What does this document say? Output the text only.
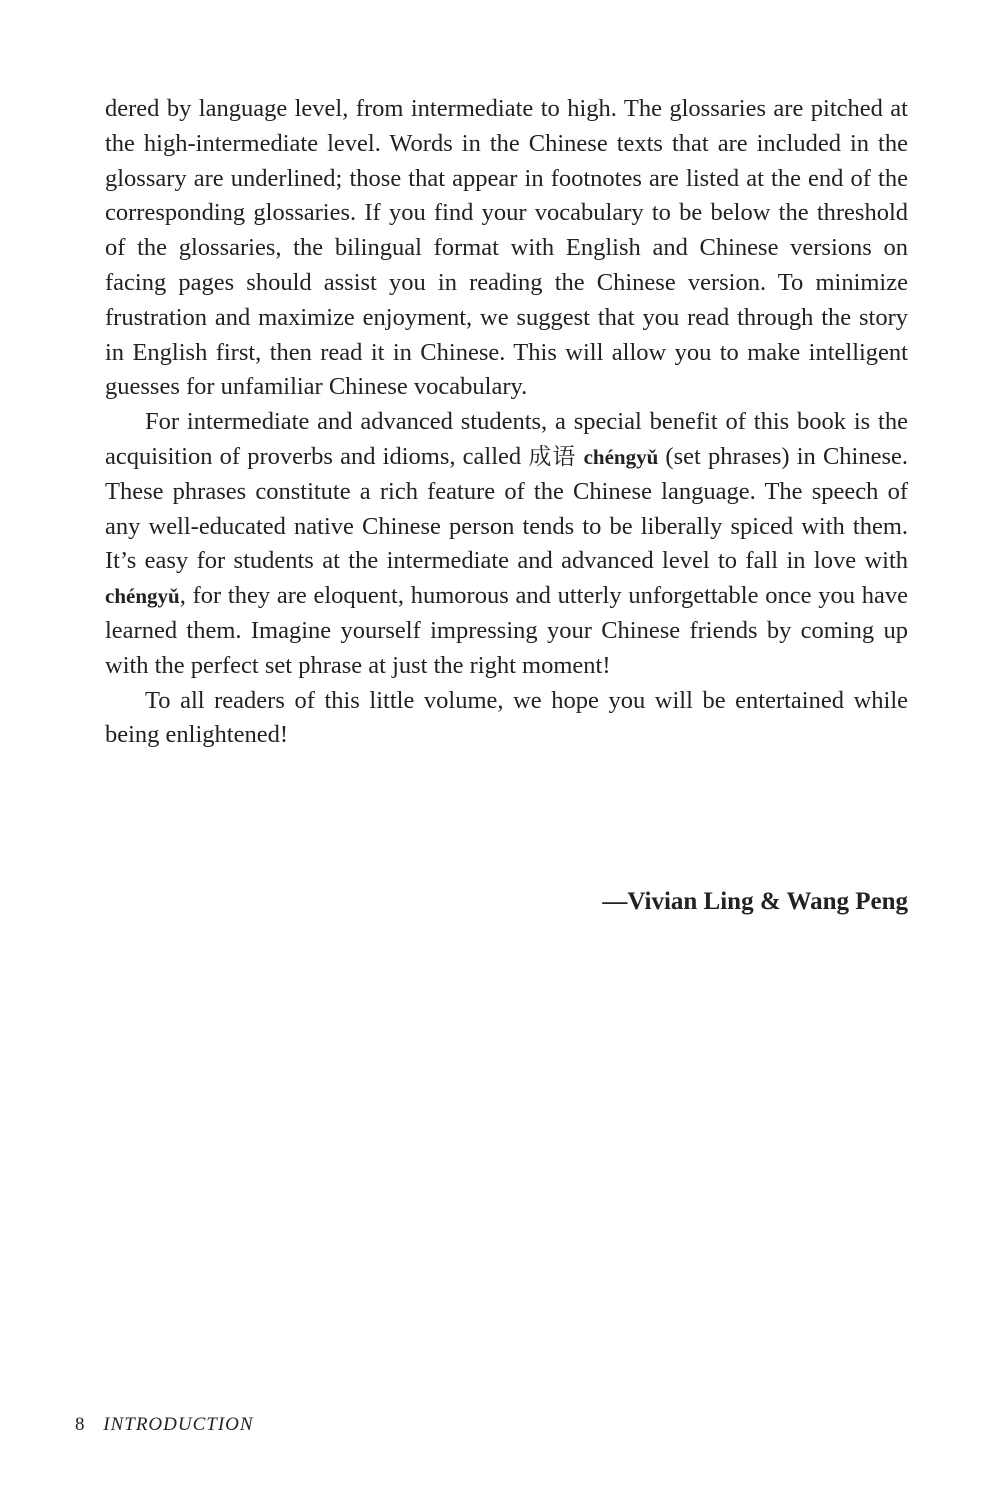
dered by language level, from intermediate to high. The glossaries are pitched at the high-intermediate level. Words in the Chinese texts that are included in the glossary are underlined; those that appear in footnotes are listed at the end of the corresponding glossaries. If you find your vocabulary to be below the threshold of the glossaries, the bilingual format with English and Chinese versions on facing pages should assist you in reading the Chinese version. To minimize frustration and maximize enjoyment, we suggest that you read through the story in English first, then read it in Chinese. This will allow you to make intelligent guesses for unfamiliar Chinese vocabulary.

For intermediate and advanced students, a special benefit of this book is the acquisition of proverbs and idioms, called 成语 chéngyǔ (set phrases) in Chinese. These phrases constitute a rich feature of the Chinese language. The speech of any well-educated native Chinese person tends to be liberally spiced with them. It’s easy for students at the intermediate and advanced level to fall in love with chéngyǔ, for they are eloquent, humorous and utterly unforgettable once you have learned them. Imagine yourself impressing your Chinese friends by coming up with the perfect set phrase at just the right moment!

To all readers of this little volume, we hope you will be entertained while being enlightened!

—Vivian Ling & Wang Peng
8 INTRODUCTION
